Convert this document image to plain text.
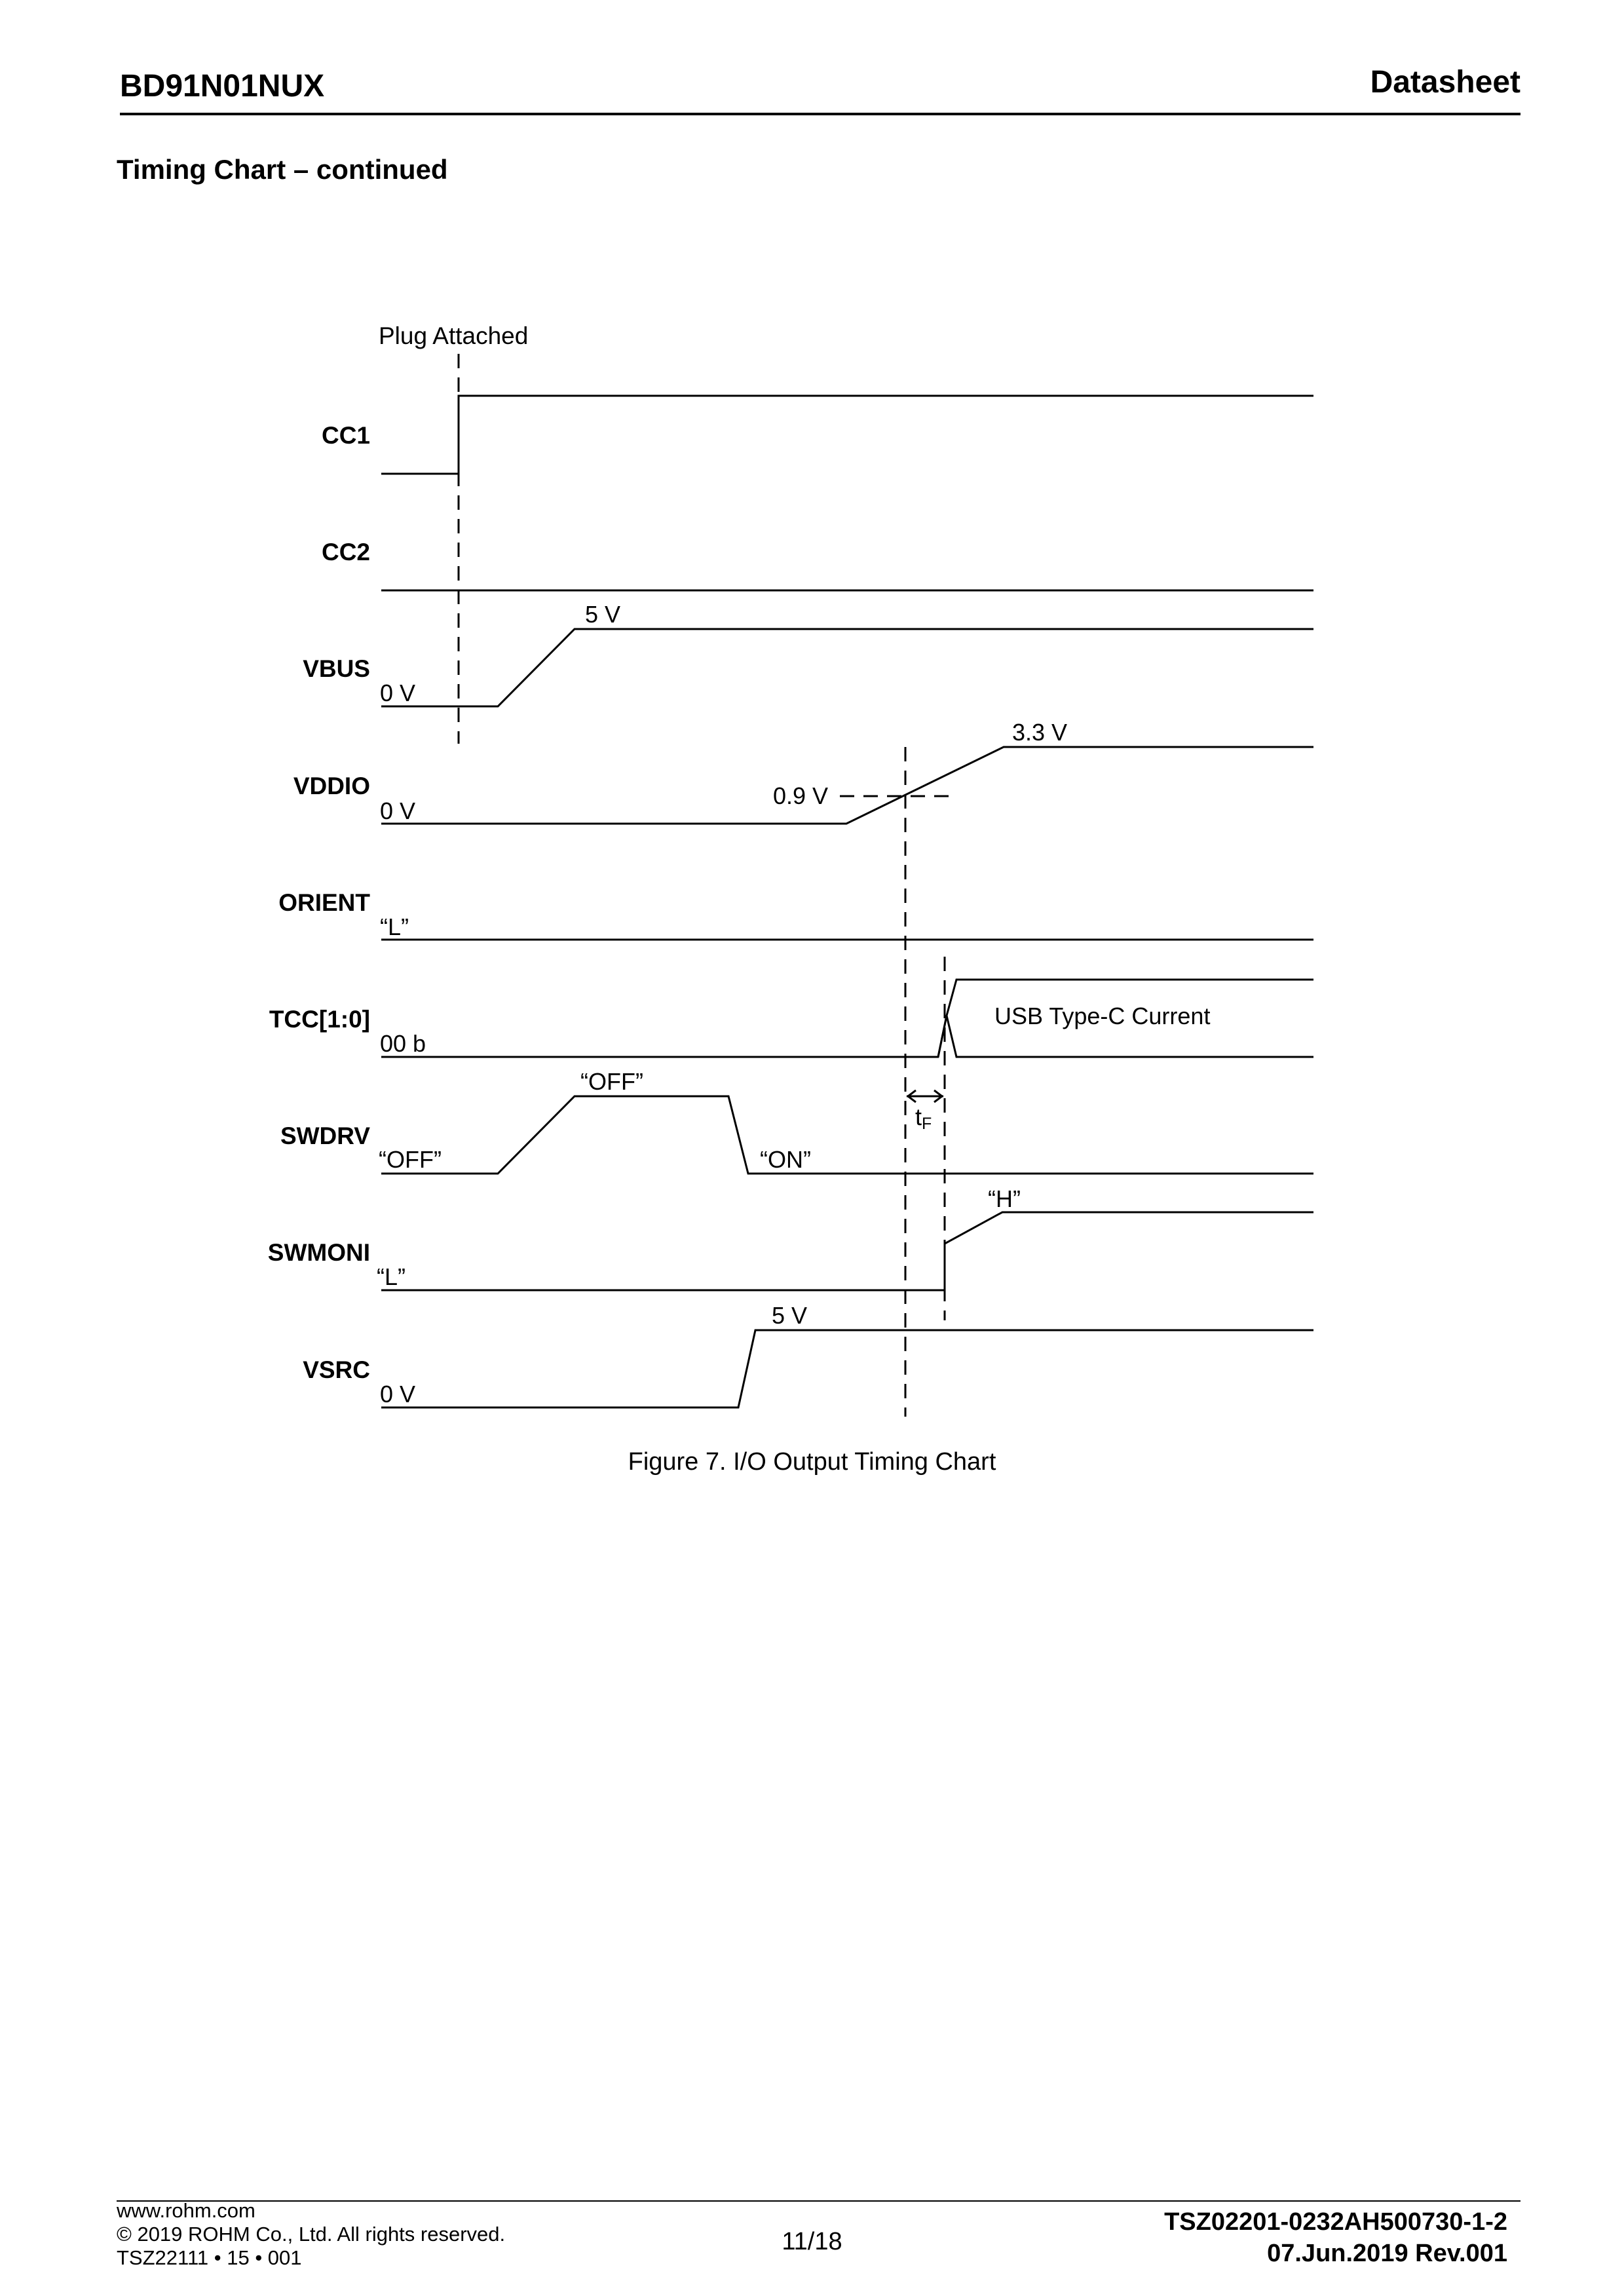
BD91N01NUX	Datasheet
Timing Chart – continued
Plug Attached
CC1
CC2
VBUS
VDDIO
ORIENT
TCC[1:0]
SWDRV
SWMONI
VSRC
0 V
5 V
0 V
0.9 V
3.3 V
“L”
00 b
USB Type-C Current
“OFF”
“OFF”
“ON”
“L”
“H”
0 V
5 V
tF
Figure 7. I/O Output Timing Chart
www.rohm.com
© 2019 ROHM Co., Ltd. All rights reserved.
TSZ22111 • 15 • 001
11/18
TSZ02201-0232AH500730-1-2
07.Jun.2019 Rev.001
